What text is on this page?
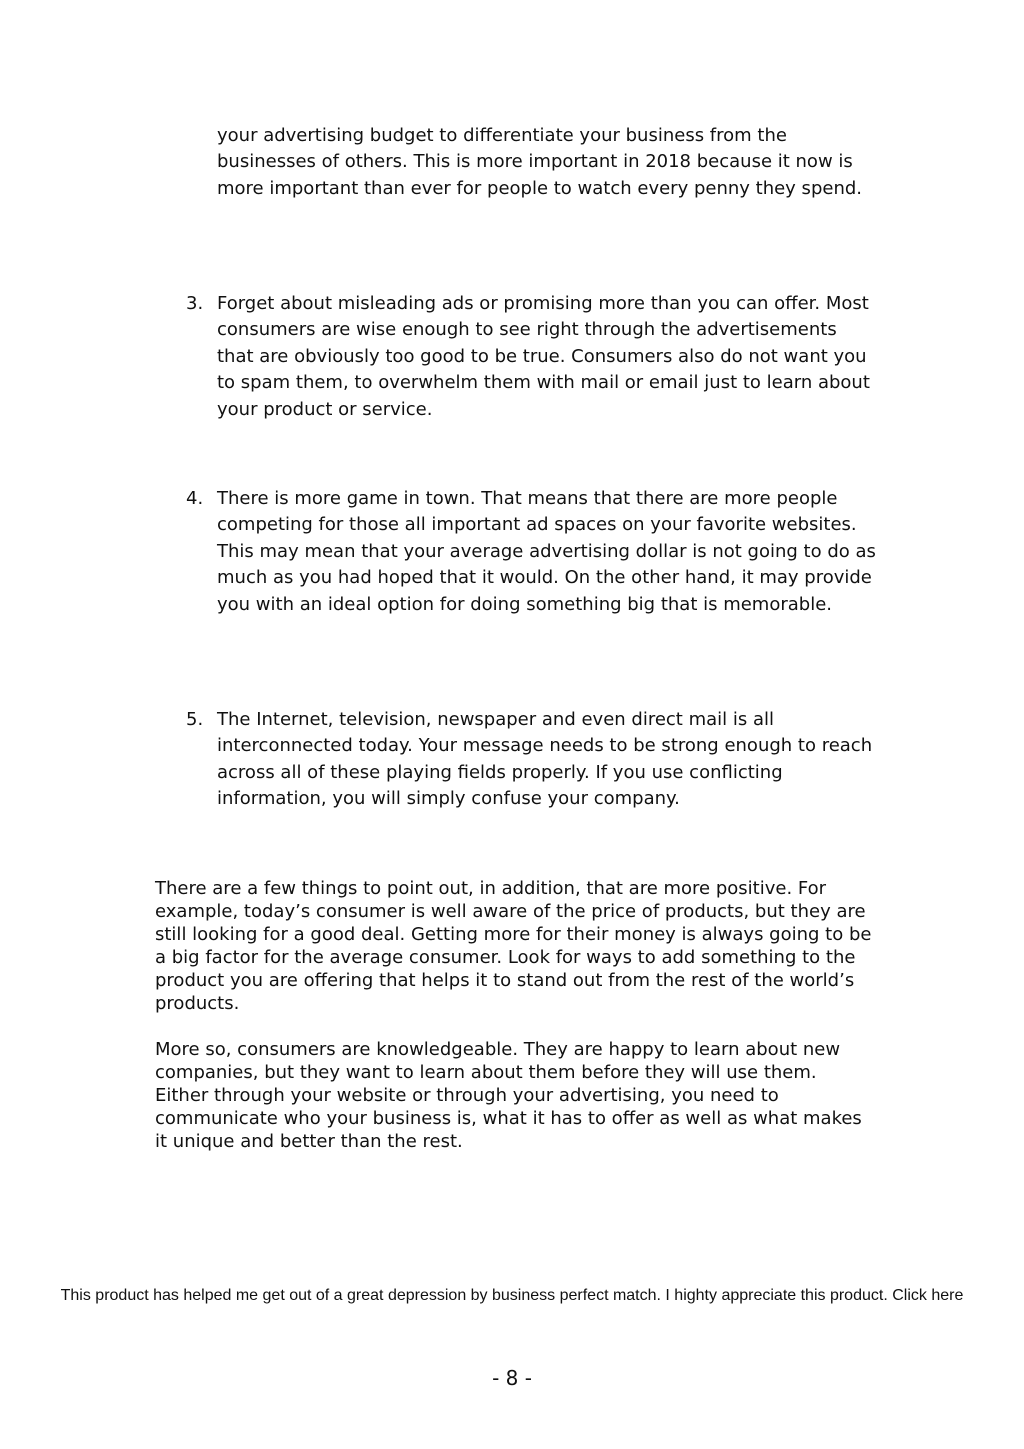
your advertising budget to differentiate your business from the businesses of others. This is more important in 2018 because it now is more important than ever for people to watch every penny they spend.
3. Forget about misleading ads or promising more than you can offer. Most consumers are wise enough to see right through the advertisements that are obviously too good to be true. Consumers also do not want you to spam them, to overwhelm them with mail or email just to learn about your product or service.
4. There is more game in town. That means that there are more people competing for those all important ad spaces on your favorite websites. This may mean that your average advertising dollar is not going to do as much as you had hoped that it would. On the other hand, it may provide you with an ideal option for doing something big that is memorable.
5. The Internet, television, newspaper and even direct mail is all interconnected today. Your message needs to be strong enough to reach across all of these playing fields properly. If you use conflicting information, you will simply confuse your company.

There are a few things to point out, in addition, that are more positive. For example, today’s consumer is well aware of the price of products, but they are still looking for a good deal. Getting more for their money is always going to be a big factor for the average consumer. Look for ways to add something to the product you are offering that helps it to stand out from the rest of the world’s products.

More so, consumers are knowledgeable. They are happy to learn about new companies, but they want to learn about them before they will use them. Either through your website or through your advertising, you need to communicate who your business is, what it has to offer as well as what makes it unique and better than the rest.

This product has helped me get out of a great depression by business perfect match. I highty appreciate this product. Click here
- 8 -
